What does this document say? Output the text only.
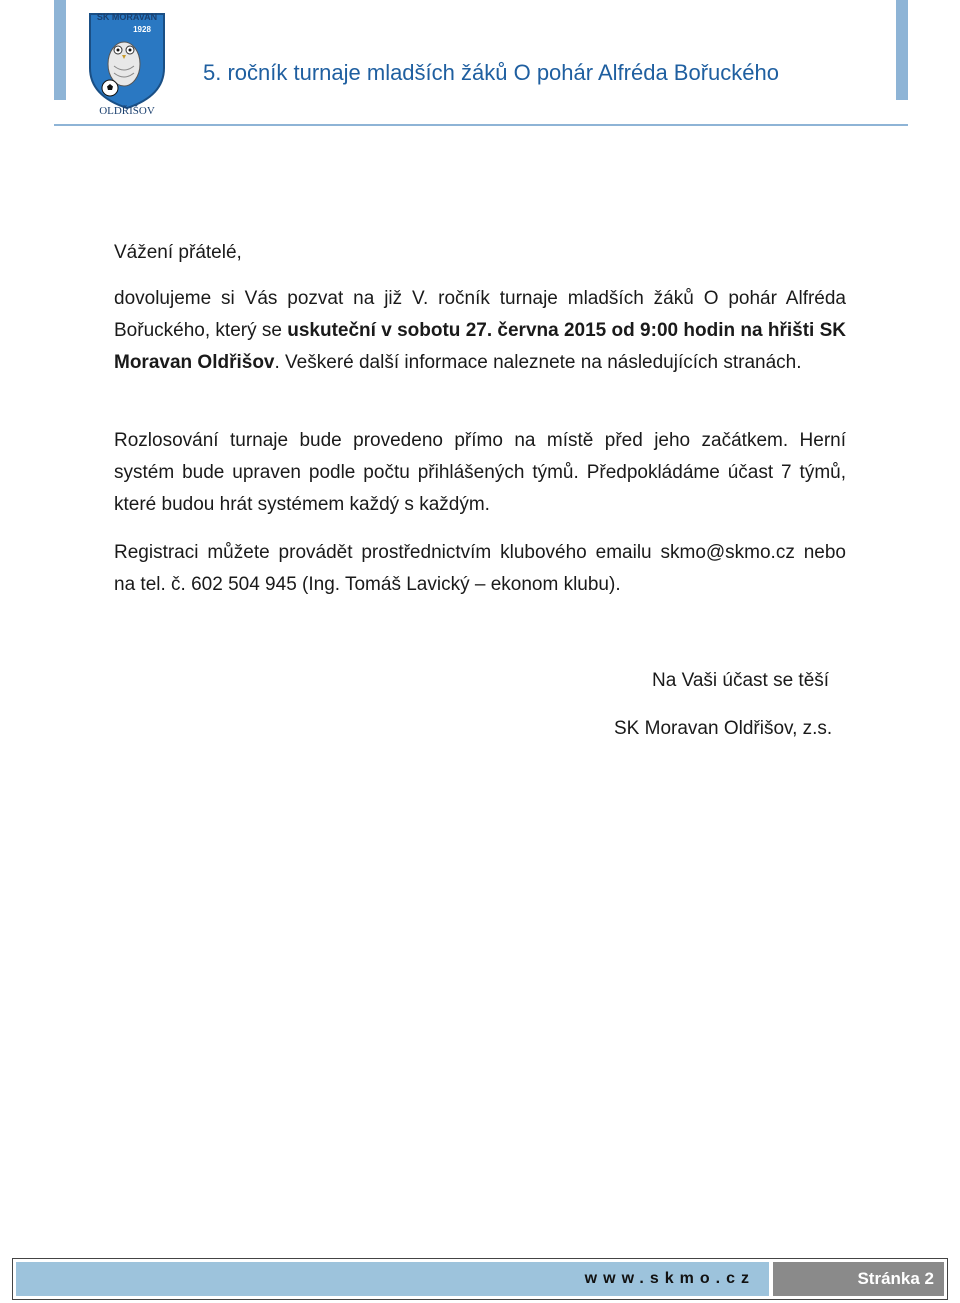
SK MORAVAN
1928
OLDŘIŠOV
5. ročník turnaje mladších žáků O pohár Alfréda Bořuckého

Vážení přátelé,

dovolujeme si Vás pozvat na již V. ročník turnaje mladších žáků O pohár Alfréda Bořuckého, který se uskuteční v sobotu 27. června 2015 od 9:00 hodin na hřišti SK Moravan Oldřišov. Veškeré další informace naleznete na následujících stranách.

Rozlosování turnaje bude provedeno přímo na místě před jeho začátkem. Herní systém bude upraven podle počtu přihlášených týmů. Předpokládáme účast 7 týmů, které budou hrát systémem každý s každým.

Registraci můžete provádět prostřednictvím klubového emailu skmo@skmo.cz nebo na tel. č. 602 504 945 (Ing. Tomáš Lavický – ekonom klubu).

Na Vaši účast se těší

SK Moravan Oldřišov, z.s.

www.skmo.cz	Stránka 2
